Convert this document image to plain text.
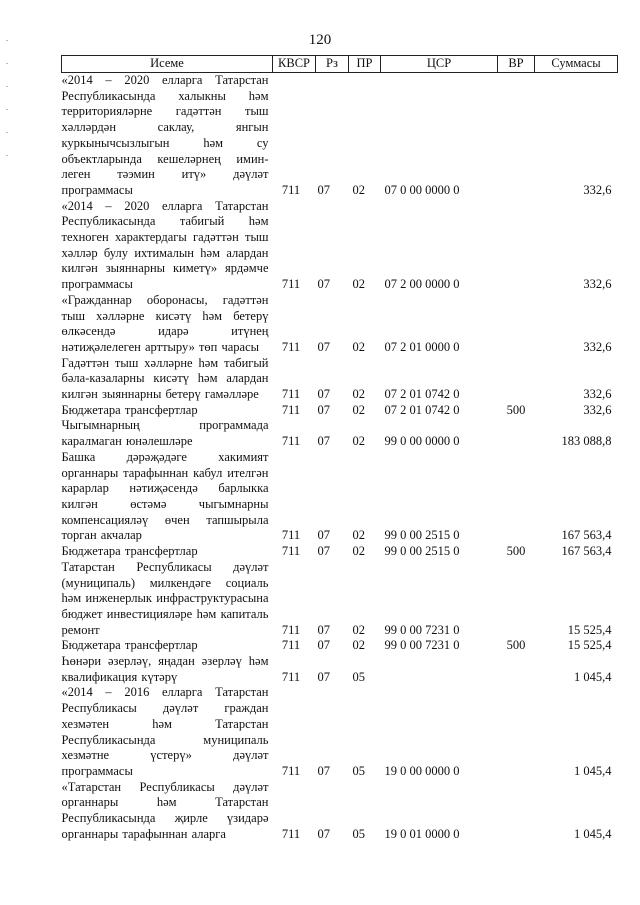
120
Исеме	КВСР	Рз	ПР	ЦСР	ВР	Суммасы
«2014 – 2020 елларга Татарстан Республикасында халыкны һәм территорияләрне гадәттән тыш хәлләрдән саклау, янгын куркынычсызлыгын һәм су объектларында кешеләрнең иминлеген тәэмин итү» дәүләт программасы	711	07	02	07 0 00 0000 0		332,6
«2014 – 2020 елларга Татарстан Республикасында табигый һәм техноген характердагы гадәттән тыш хәлләр булу ихтималын һәм алардан килгән зыяннарны киметү» ярдәмче программасы	711	07	02	07 2 00 0000 0		332,6
«Гражданнар оборонасы, гадәттән тыш хәлләрне кисәтү һәм бетерү өлкәсендә идарә итүнең нәтиҗәлелеген арттыру» төп чарасы	711	07	02	07 2 01 0000 0		332,6
Гадәттән тыш хәлләрне һәм табигый бәла-казаларны кисәтү һәм алардан килгән зыяннарны бетерү гамәлләре	711	07	02	07 2 01 0742 0		332,6
Бюджетара трансфертлар	711	07	02	07 2 01 0742 0	500	332,6
Чыгымнарның программада каралмаган юнәлешләре	711	07	02	99 0 00 0000 0		183 088,8
Башка дәрәҗәдәге хакимият органнары тарафыннан кабул ителгән карарлар нәтиҗәсендә барлыкка килгән өстәмә чыгымнарны компенсацияләү өчен тапшырыла торган акчалар	711	07	02	99 0 00 2515 0		167 563,4
Бюджетара трансфертлар	711	07	02	99 0 00 2515 0	500	167 563,4
Татарстан Республикасы дәүләт (муниципаль) милкендәге социаль һәм инженерлык инфраструктурасына бюджет инвестицияләре һәм капиталь ремонт	711	07	02	99 0 00 7231 0		15 525,4
Бюджетара трансфертлар	711	07	02	99 0 00 7231 0	500	15 525,4
Һөнәри әзерләү, яңадан әзерләү һәм квалификация күтәрү	711	07	05			1 045,4
«2014 – 2016 елларга Татарстан Республикасы дәүләт граждан хезмәтен һәм Татарстан Республикасында муниципаль хезмәтне үстерү» дәүләт программасы	711	07	05	19 0 00 0000 0		1 045,4
«Татарстан Республикасы дәүләт органнары һәм Татарстан Республикасында җирле үзидарә органнары тарафыннан аларга	711	07	05	19 0 01 0000 0		1 045,4
